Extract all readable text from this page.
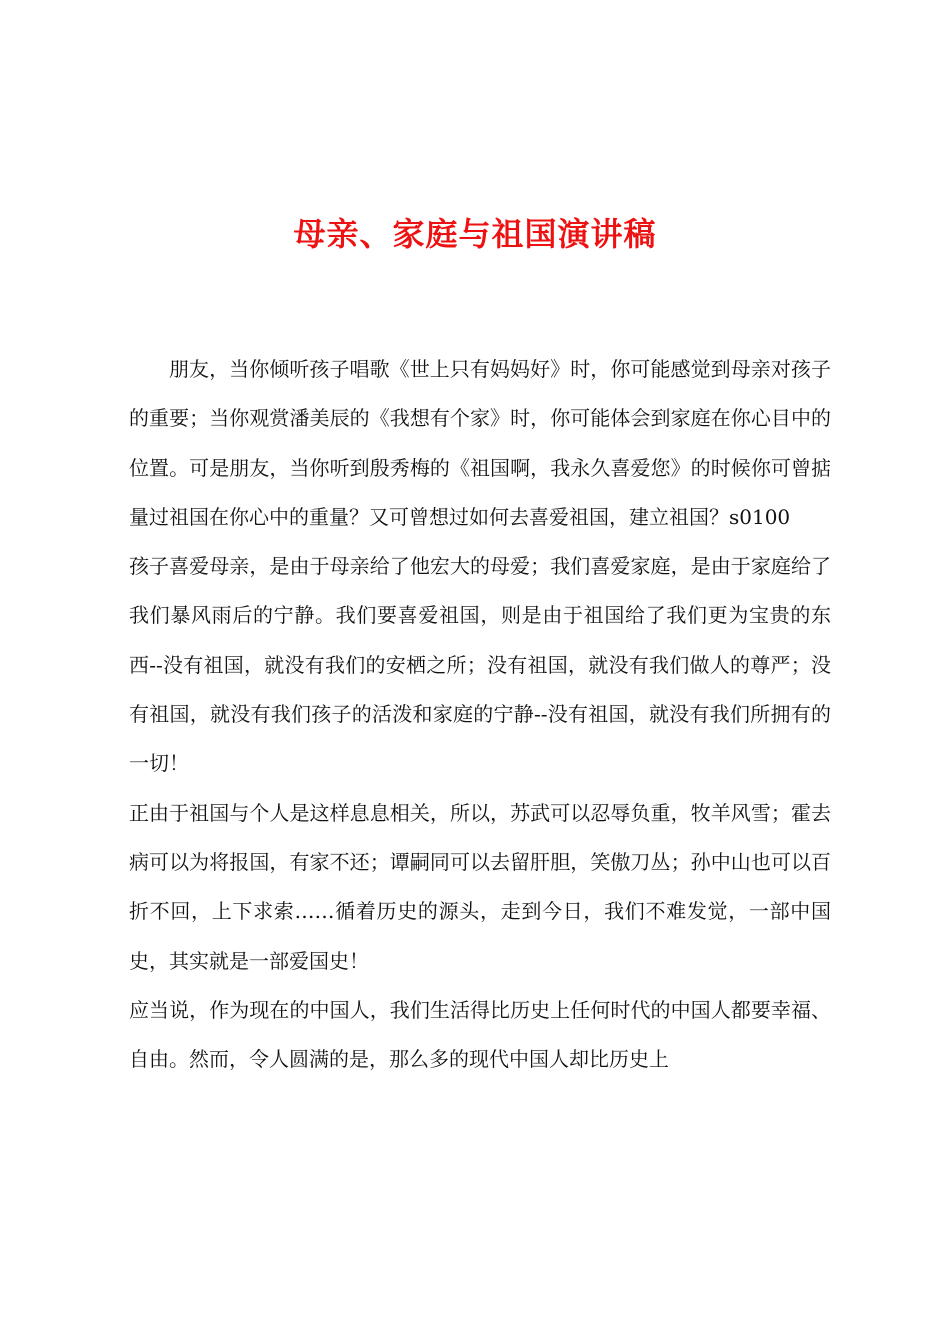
母亲、家庭与祖国演讲稿

朋友，当你倾听孩子唱歌《世上只有妈妈好》时，你可能感觉到母亲对孩子的重要；当你观赏潘美辰的《我想有个家》时，你可能体会到家庭在你心目中的位置。可是朋友，当你听到殷秀梅的《祖国啊，我永久喜爱您》的时候你可曾掂量过祖国在你心中的重量？又可曾想过如何去喜爱祖国，建立祖国？s0100

孩子喜爱母亲，是由于母亲给了他宏大的母爱；我们喜爱家庭，是由于家庭给了我们暴风雨后的宁静。我们要喜爱祖国，则是由于祖国给了我们更为宝贵的东西--没有祖国，就没有我们的安栖之所；没有祖国，就没有我们做人的尊严；没有祖国，就没有我们孩子的活泼和家庭的宁静--没有祖国，就没有我们所拥有的一切！

正由于祖国与个人是这样息息相关，所以，苏武可以忍辱负重，牧羊风雪；霍去病可以为将报国，有家不还；谭嗣同可以去留肝胆，笑傲刀丛；孙中山也可以百折不回，上下求索……循着历史的源头，走到今日，我们不难发觉，一部中国史，其实就是一部爱国史！

应当说，作为现在的中国人，我们生活得比历史上任何时代的中国人都要幸福、自由。然而，令人圆满的是，那么多的现代中国人却比历史上
